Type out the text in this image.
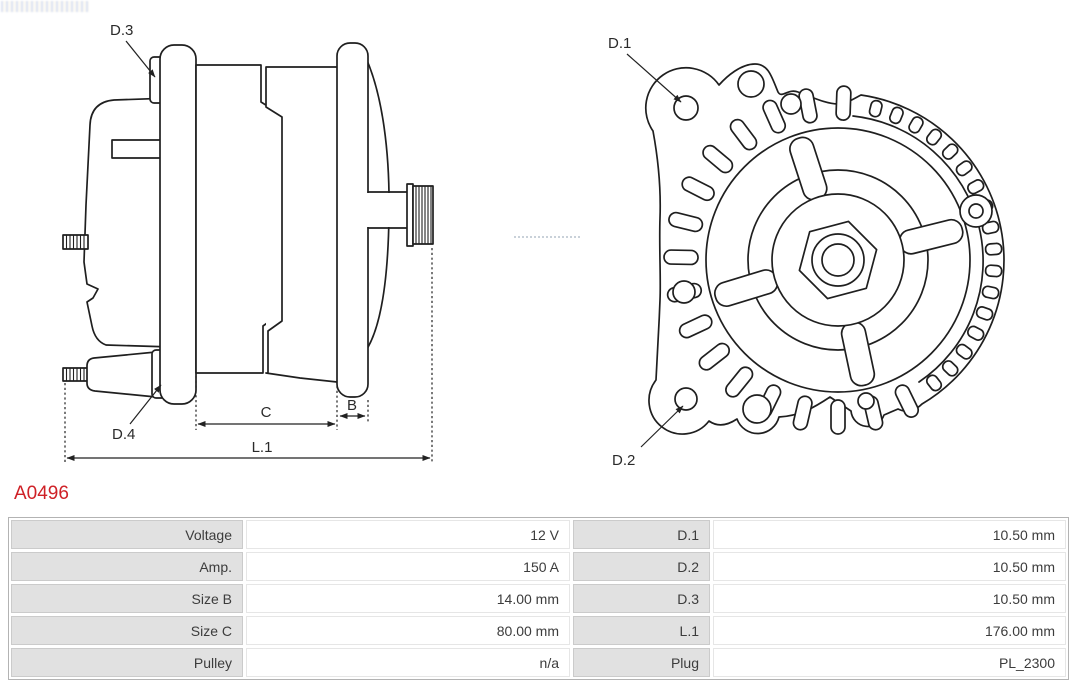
D.3
D.4
C	B
L.1
D.1
D.2
A0496
Voltage	12 V	D.1	10.50 mm
Amp.	150 A	D.2	10.50 mm
Size B	14.00 mm	D.3	10.50 mm
Size C	80.00 mm	L.1	176.00 mm
Pulley	n/a	Plug	PL_2300
